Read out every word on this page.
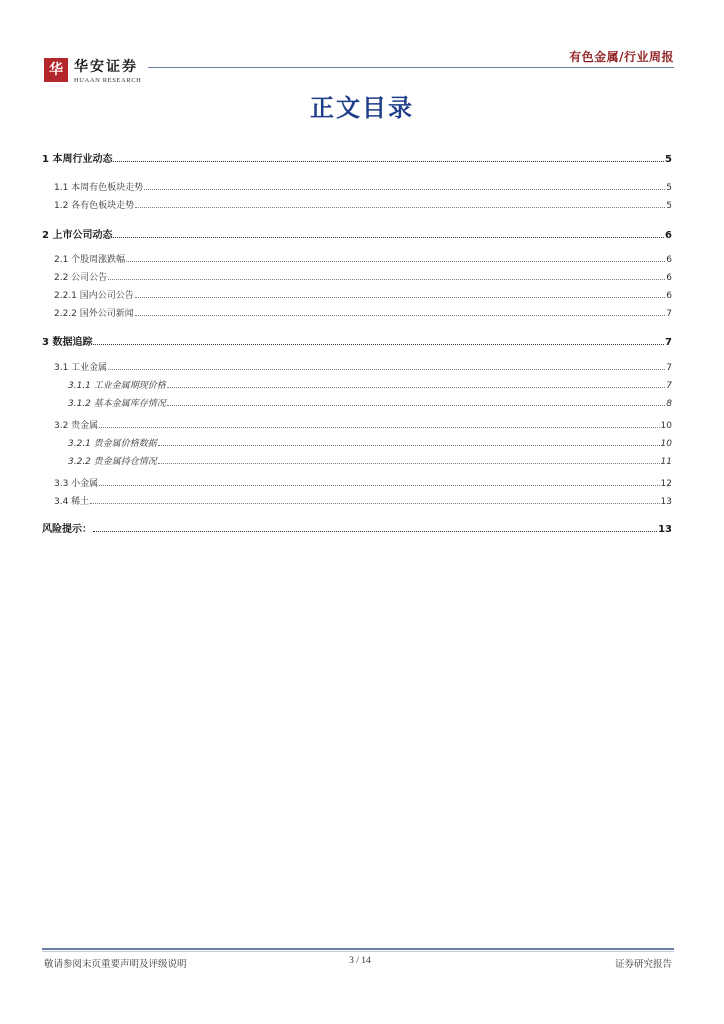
有色金属/行业周报
华 华安证券
HUAAN RESEARCH
正文目录
1 本周行业动态	5
1.1 本周有色板块走势	5
1.2 各有色板块走势	5
2 上市公司动态	6
2.1 个股周涨跌幅	6
2.2 公司公告	6
2.2.1 国内公司公告	6
2.2.2 国外公司新闻	7
3 数据追踪	7
3.1 工业金属	7
3.1.1 工业金属期现价格	7
3.1.2 基本金属库存情况	8
3.2 贵金属	10
3.2.1 贵金属价格数据	10
3.2.2 贵金属持仓情况	11
3.3 小金属	12
3.4 稀土	13
风险提示：	13
敬请参阅末页重要声明及评级说明	3 / 14	证券研究报告
